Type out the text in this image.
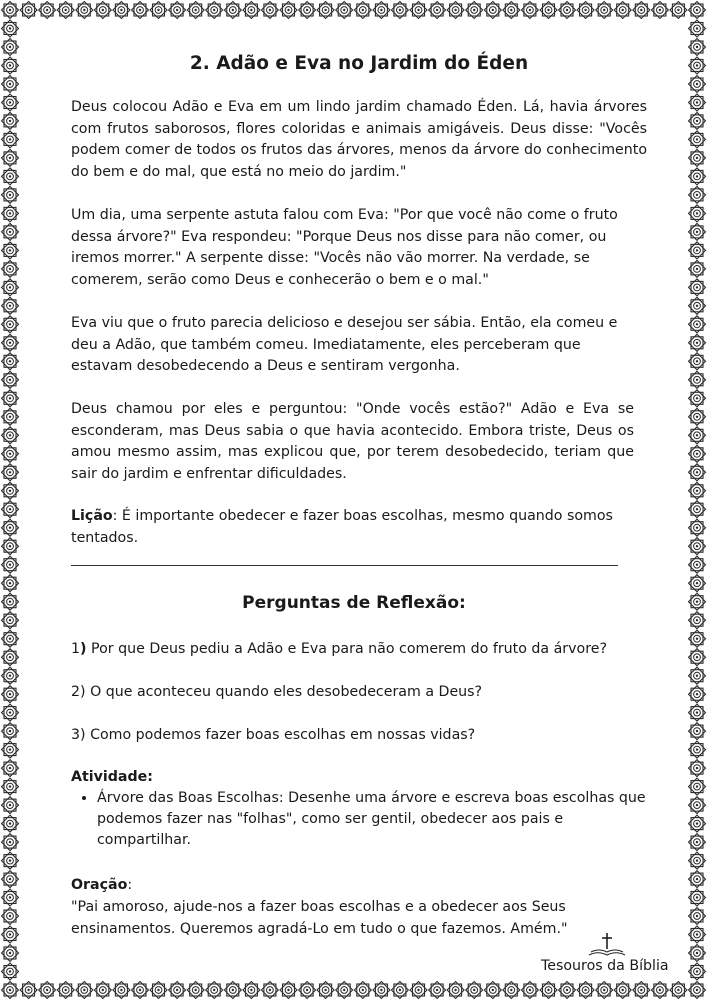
2. Adão e Eva no Jardim do Éden

Deus colocou Adão e Eva em um lindo jardim chamado Éden. Lá, havia árvores com frutos saborosos, flores coloridas e animais amigáveis. Deus disse: "Vocês podem comer de todos os frutos das árvores, menos da árvore do conhecimento do bem e do mal, que está no meio do jardim."

Um dia, uma serpente astuta falou com Eva: "Por que você não come o fruto dessa árvore?" Eva respondeu: "Porque Deus nos disse para não comer, ou iremos morrer." A serpente disse: "Vocês não vão morrer. Na verdade, se comerem, serão como Deus e conhecerão o bem e o mal."

Eva viu que o fruto parecia delicioso e desejou ser sábia. Então, ela comeu e deu a Adão, que também comeu. Imediatamente, eles perceberam que estavam desobedecendo a Deus e sentiram vergonha.

Deus chamou por eles e perguntou: "Onde vocês estão?" Adão e Eva se esconderam, mas Deus sabia o que havia acontecido. Embora triste, Deus os amou mesmo assim, mas explicou que, por terem desobedecido, teriam que sair do jardim e enfrentar dificuldades.

Lição: É importante obedecer e fazer boas escolhas, mesmo quando somos tentados.

Perguntas de Reflexão:
1) Por que Deus pediu a Adão e Eva para não comerem do fruto da árvore?
2) O que aconteceu quando eles desobedeceram a Deus?
3) Como podemos fazer boas escolhas em nossas vidas?
Atividade:
• Árvore das Boas Escolhas: Desenhe uma árvore e escreva boas escolhas que podemos fazer nas "folhas", como ser gentil, obedecer aos pais e compartilhar.
Oração:

"Pai amoroso, ajude-nos a fazer boas escolhas e a obedecer aos Seus ensinamentos. Queremos agradá-Lo em tudo o que fazemos. Amém."

Tesouros da Bíblia
